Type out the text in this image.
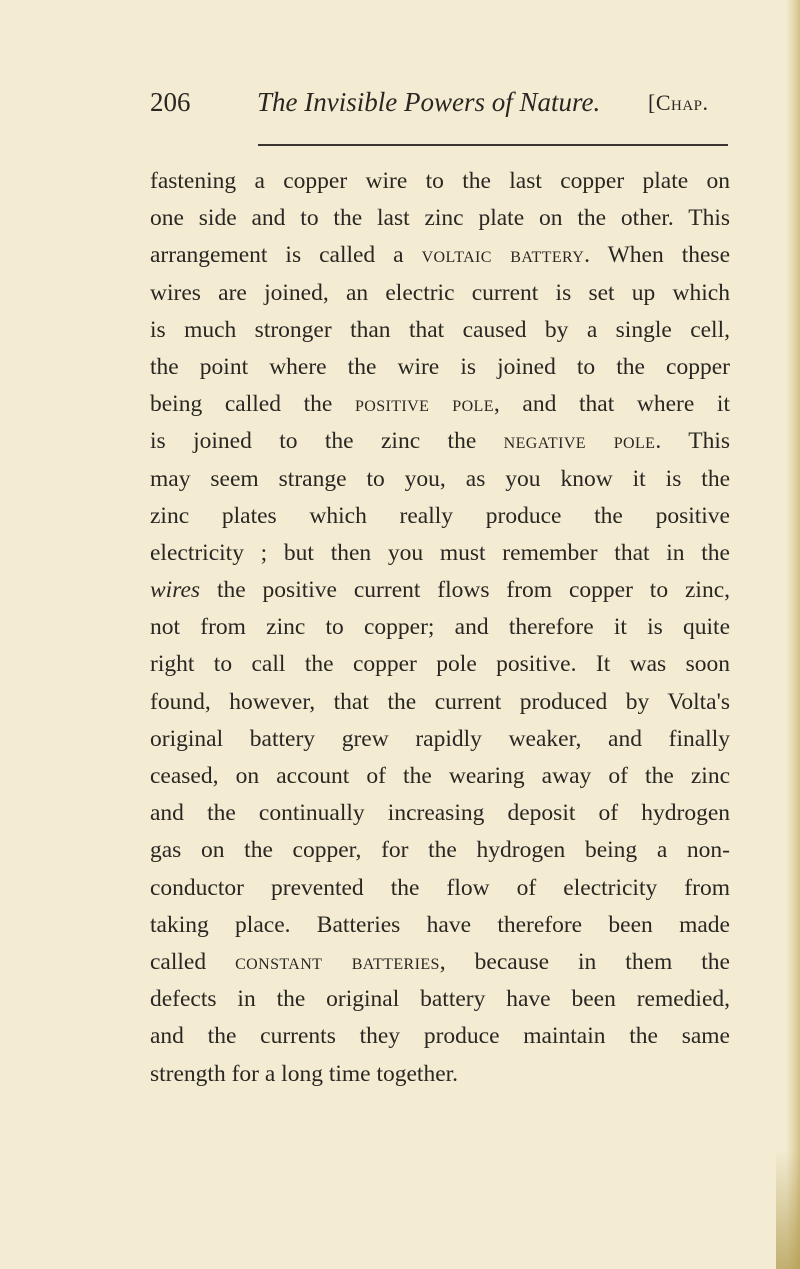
206 The Invisible Powers of Nature. [Chap.
fastening a copper wire to the last copper plate on
one side and to the last zinc plate on the other. This
arrangement is called a voltaic battery. When these
wires are joined, an electric current is set up which
is much stronger than that caused by a single cell,
the point where the wire is joined to the copper
being called the positive pole, and that where it
is joined to the zinc the negative pole. This
may seem strange to you, as you know it is the
zinc plates which really produce the positive
electricity ; but then you must remember that in the
wires the positive current flows from copper to zinc,
not from zinc to copper; and therefore it is quite
right to call the copper pole positive. It was soon
found, however, that the current produced by Volta's
original battery grew rapidly weaker, and finally
ceased, on account of the wearing away of the zinc
and the continually increasing deposit of hydrogen
gas on the copper, for the hydrogen being a non-
conductor prevented the flow of electricity from
taking place. Batteries have therefore been made
called constant batteries, because in them the
defects in the original battery have been remedied,
and the currents they produce maintain the same
strength for a long time together.
